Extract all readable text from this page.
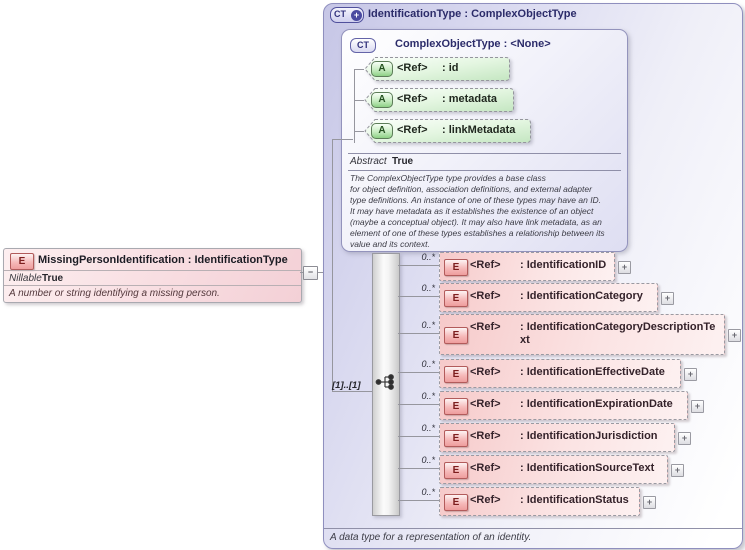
E	MissingPersonIdentification : IdentificationType
Nillable True
A number or string identifying a missing person.
−
CT + IdentificationType : ComplexObjectType
CT	ComplexObjectType : <None>
A	<Ref> : id
A	<Ref> : metadata
A	<Ref> : linkMetadata
Abstract True
The ComplexObjectType type provides a base class
for object definition, association definitions, and external adapter
type definitions. An instance of one of these types may have an ID.
It may have metadata as it establishes the existence of an object
(maybe a conceptual object). It may also have link metadata, as an
element of one of these types establishes a relationship between its
value and its context.
[1]..[1]
0..*
0..*
0..*
0..*
0..*
0..*
0..*
0..*
E <Ref> : IdentificationID	+
E <Ref> : IdentificationCategory	+
E
<Ref> : IdentificationCategoryDescriptionText	+
E <Ref> : IdentificationEffectiveDate	+
E <Ref> : IdentificationExpirationDate	+
E <Ref> : IdentificationJurisdiction	+
E <Ref> : IdentificationSourceText	+
E <Ref> : IdentificationStatus	+
A data type for a representation of an identity.
